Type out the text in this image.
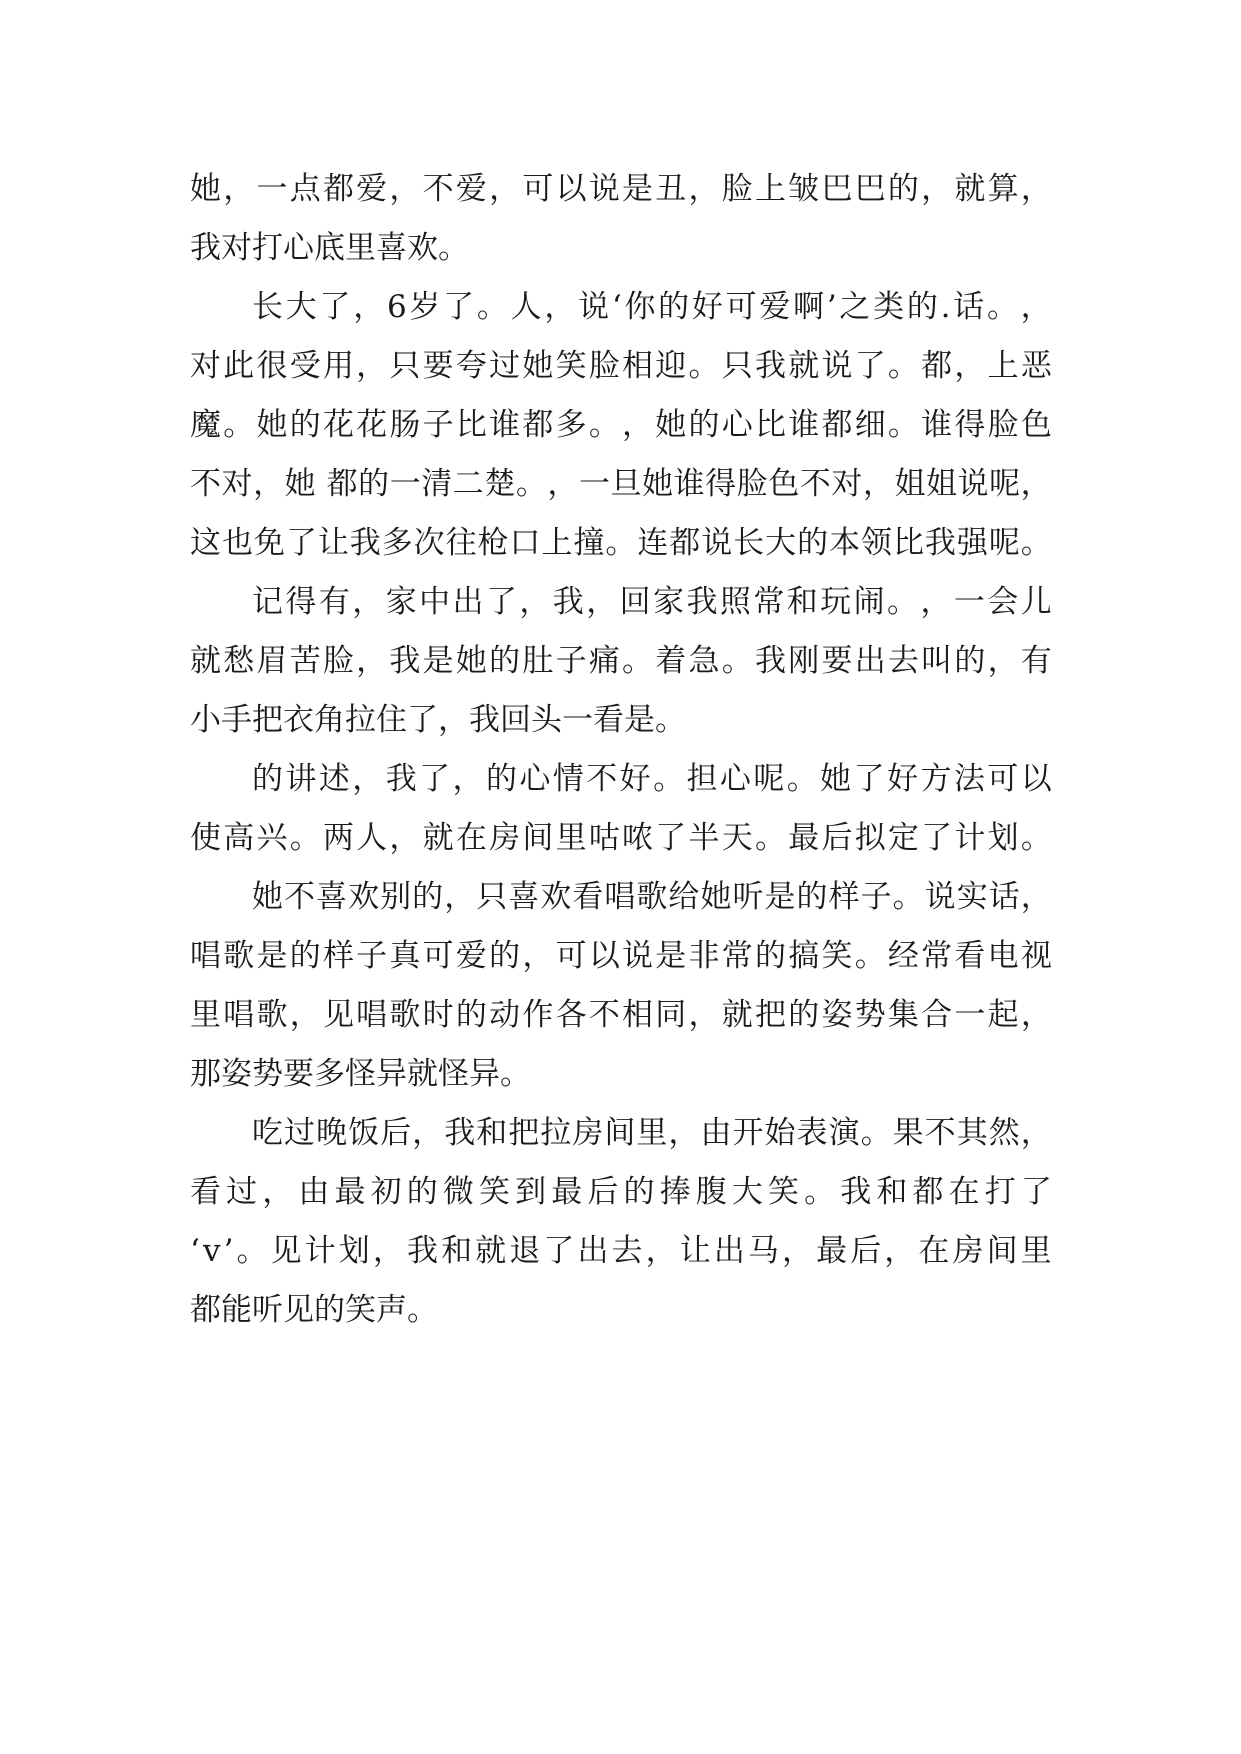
她 ， 一 点 都 爱 ， 不 爱 ， 可 以 说 是 丑 ， 脸 上 皱 巴 巴 的 ， 就 算 ，
我对打心底里喜欢。
长 大 了 ， 6 岁 了 。 人 ， 说 ‘ 你 的 好 可 爱 啊 ’ 之 类 的 . 话 。 ，
对 此 很 受 用 ， 只 要 夸 过 她 笑 脸 相 迎 。 只 我 就 说 了 。 都 ， 上 恶
魔 。 她 的 花 花 肠 子 比 谁 都 多 。 ， 她 的 心 比 谁 都 细 。 谁 得 脸 色
不 对 ， 她
都 的 一 清 二 楚 。 ， 一 旦 她 谁 得 脸 色 不 对 ， 姐 姐 说 呢 ，
这 也 免 了 让 我 多 次 往 枪 口 上 撞 。 连 都 说 长 大 的 本 领 比 我 强 呢 。
记 得 有 ， 家 中 出 了 ， 我 ， 回 家 我 照 常 和 玩 闹 。 ， 一 会 儿
就 愁 眉 苦 脸 ， 我 是 她 的 肚 子 痛 。 着 急 。 我 刚 要 出 去 叫 的 ， 有
小手把衣角拉住了，我回头一看是。
的 讲 述 ， 我 了 ， 的 心 情 不 好 。 担 心 呢 。 她 了 好 方 法 可 以
使 高 兴 。 两 人 ， 就 在 房 间 里 咕 哝 了 半 天 。 最 后 拟 定 了 计 划 。
她 不 喜 欢 别 的 ， 只 喜 欢 看 唱 歌 给 她 听 是 的 样 子 。 说 实 话 ，
唱 歌 是 的 样 子 真 可 爱 的 ， 可 以 说 是 非 常 的 搞 笑 。 经 常 看 电 视
里 唱 歌 ， 见 唱 歌 时 的 动 作 各 不 相 同 ， 就 把 的 姿 势 集 合 一 起 ，
那姿势要多怪异就怪异。
吃 过 晚 饭 后 ， 我 和 把 拉 房 间 里 ， 由 开 始 表 演 。 果 不 其 然 ，
看 过 ， 由 最 初 的 微 笑 到 最 后 的 捧 腹 大 笑 。 我 和 都 在 打 了
‘ v ’ 。 见 计 划 ， 我 和 就 退 了 出 去 ， 让 出 马 ， 最 后 ， 在 房 间 里
都能听见的笑声。
